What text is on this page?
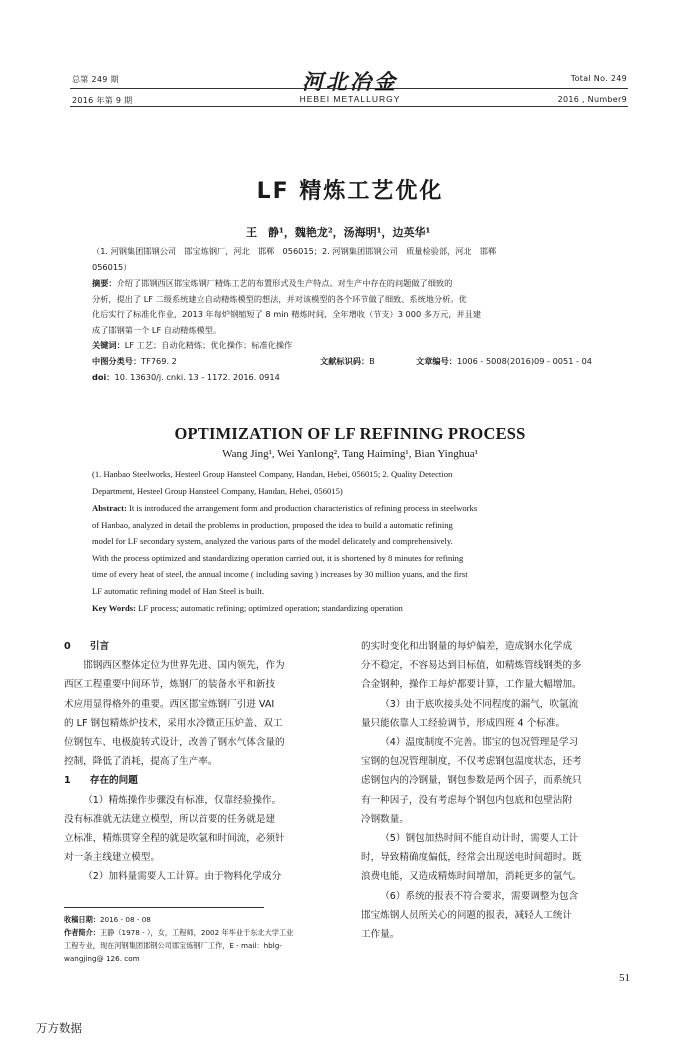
总第 249 期
2016 年第 9 期
河北冶金
HEBEI METALLURGY
Total No. 249
2016 , Number9
LF 精炼工艺优化
王　静¹，魏艳龙²，汤海明¹，边英华¹
（1. 河钢集团邯钢公司　邯宝炼钢厂，河北　邯郸　056015；2. 河钢集团邯钢公司　质量检验部，河北　邯郸
056015）
摘要：介绍了邯钢西区邯宝炼钢厂精炼工艺的布置形式及生产特点。对生产中存在的问题做了细致的
分析，提出了 LF 二级系统建立自动精炼模型的想法，并对该模型的各个环节做了细致、系统地分析。优
化后实行了标准化作业，2013 年每炉钢缩短了 8 min 精炼时间，全年增收（节支）3 000 多万元，并且建
成了邯钢第一个 LF 自动精炼模型。
关键词：LF 工艺；自动化精炼；优化操作；标准化操作
中图分类号：TF769. 2	文献标识码：B	文章编号：1006 - 5008(2016)09 - 0051 - 04
doi：10. 13630/j. cnki. 13 - 1172. 2016. 0914
OPTIMIZATION OF LF REFINING PROCESS
Wang Jing¹, Wei Yanlong², Tang Haiming¹, Bian Yinghua¹
(1. Hanbao Steelworks, Hesteel Group Hansteel Company, Handan, Hebei, 056015; 2. Quality Detection
Department, Hesteel Group Hansteel Company, Handan, Hebei, 056015)
Abstract: It is introduced the arrangement form and production characteristics of refining process in steelworks
of Hanbao, analyzed in detail the problems in production, proposed the idea to build a automatic refining
model for LF secondary system, analyzed the various parts of the model delicately and comprehensively.
With the process optimized and standardizing operation carried out, it is shortened by 8 minutes for refining
time of every heat of steel, the annual income ( including saving ) increases by 30 million yuans, and the first
LF automatic refining model of Han Steel is built.
Key Words: LF process; automatic refining; optimized operation; standardizing operation

0　　引言

邯钢西区整体定位为世界先进、国内领先，作为

西区工程重要中间环节，炼钢厂的装备水平和新技

术应用显得格外的重要。西区邯宝炼钢厂引进 VAI

的 LF 钢包精炼炉技术，采用水冷微正压炉盖、双工

位钢包车、电极旋转式设计，改善了钢水气体含量的

控制，降低了消耗，提高了生产率。

1　　存在的问题

（1）精炼操作步骤没有标准，仅靠经验操作。

没有标准就无法建立模型，所以首要的任务就是建

立标准，精炼贯穿全程的就是吹氩和时间流，必须针

对一条主线建立模型。

（2）加料量需要人工计算。由于物料化学成分

的实时变化和出钢量的每炉偏差，造成钢水化学成

分不稳定，不容易达到目标值，如精炼管线钢类的多

合金钢种，操作工每炉都要计算，工作量大幅增加。

（3）由于底吹接头处不同程度的漏气，吹氩流

量只能依靠人工经验调节，形成四班 4 个标准。

（4）温度制度不完善。邯宝的包况管理是学习

宝钢的包况管理制度，不仅考虑钢包温度状态，还考

虑钢包内的冷钢量，钢包参数是两个因子，而系统只

有一种因子，没有考虑每个钢包内包底和包壁沾附

冷钢数量。

（5）钢包加热时间不能自动计时，需要人工计

时，导致精确度偏低，经常会出现送电时间超时。既

浪费电能，又造成精炼时间增加，消耗更多的氩气。

（6）系统的报表不符合要求，需要调整为包含

邯宝炼钢人员所关心的问题的报表，减轻人工统计

工作量。

收稿日期：2016 - 08 - 08
作者简介：王静（1978 - ），女，工程师，2002 年毕业于东北大学工业
工程专业，现在河钢集团邯钢公司邯宝炼钢厂工作，E - mail：hblg-
wangjing@ 126. com
51
万方数据
